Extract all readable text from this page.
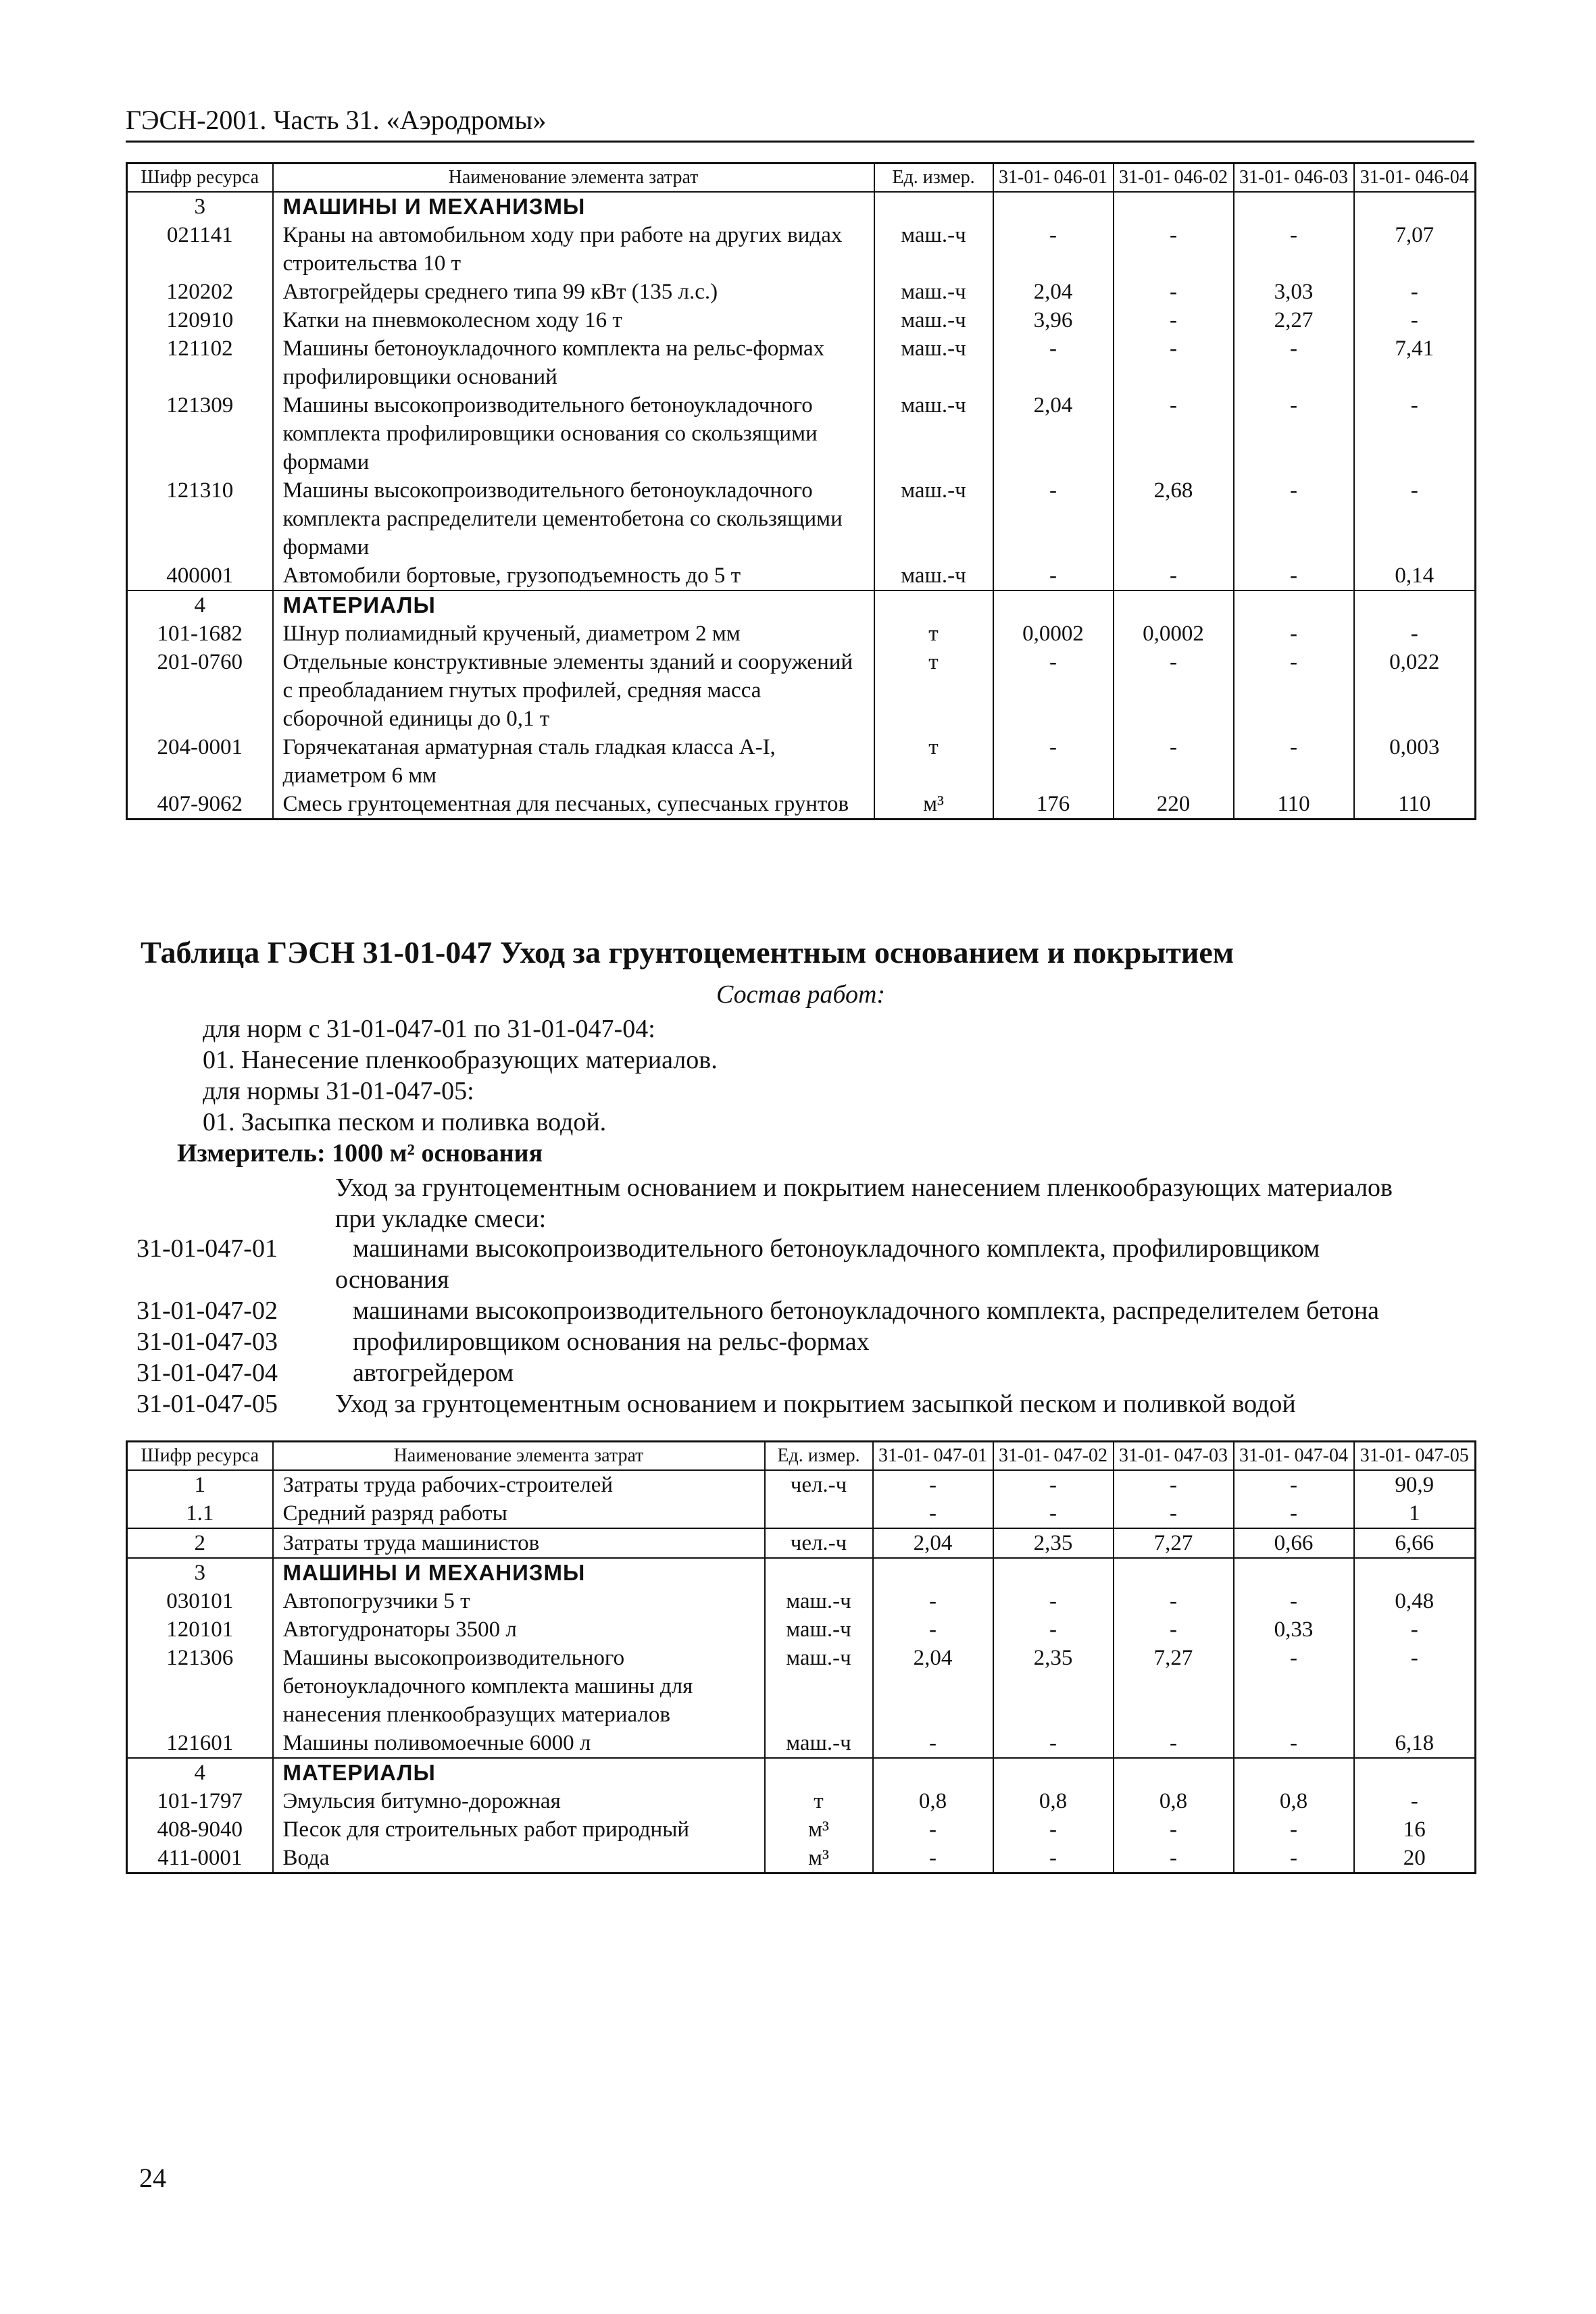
ГЭСН-2001. Часть 31. «Аэродромы»
Шифр ресурса	Наименование элемента затрат	Ед. измер.	31-01- 046-01	31-01- 046-02	31-01- 046-03	31-01- 046-04
3	МАШИНЫ И МЕХАНИЗМЫ					
021141	Краны на автомобильном ходу при работе на других видах строительства 10 т	маш.-ч	-	-	-	7,07
120202	Автогрейдеры среднего типа 99 кВт (135 л.с.)	маш.-ч	2,04	-	3,03	-
120910	Катки на пневмоколесном ходу 16 т	маш.-ч	3,96	-	2,27	-
121102	Машины бетоноукладочного комплекта на рельс-формах профилировщики оснований	маш.-ч	-	-	-	7,41
121309	Машины высокопроизводительного бетоноукладочного комплекта профилировщики основания со скользящими формами	маш.-ч	2,04	-	-	-
121310	Машины высокопроизводительного бетоноукладочного комплекта распределители цементобетона со скользящими формами	маш.-ч	-	2,68	-	-
400001	Автомобили бортовые, грузоподъемность до 5 т	маш.-ч	-	-	-	0,14
4	МАТЕРИАЛЫ					
101-1682	Шнур полиамидный крученый, диаметром 2 мм	т	0,0002	0,0002	-	-
201-0760	Отдельные конструктивные элементы зданий и сооружений с преобладанием гнутых профилей, средняя масса сборочной единицы до 0,1 т	т	-	-	-	0,022
204-0001	Горячекатаная арматурная сталь гладкая класса А-I, диаметром 6 мм	т	-	-	-	0,003
407-9062	Смесь грунтоцементная для песчаных, супесчаных грунтов	м³	176	220	110	110
Таблица ГЭСН 31-01-047 Уход за грунтоцементным основанием и покрытием
Состав работ:
для норм с 31-01-047-01 по 31-01-047-04:
01. Нанесение пленкообразующих материалов.
для нормы 31-01-047-05:
01. Засыпка песком и поливка водой.
Измеритель: 1000 м² основания
Уход за грунтоцементным основанием и покрытием нанесением пленкообразующих материалов при укладке смеси:
31-01-047-01	машинами высокопроизводительного бетоноукладочного комплекта, профилировщиком
основания
31-01-047-02	машинами высокопроизводительного бетоноукладочного комплекта, распределителем бетона
31-01-047-03	профилировщиком основания на рельс-формах
31-01-047-04	автогрейдером
31-01-047-05	Уход за грунтоцементным основанием и покрытием засыпкой песком и поливкой водой
Шифр ресурса	Наименование элемента затрат	Ед. измер.	31-01- 047-01	31-01- 047-02	31-01- 047-03	31-01- 047-04	31-01- 047-05
1	Затраты труда рабочих-строителей	чел.-ч	-	-	-	-	90,9
1.1	Средний разряд работы		-	-	-	-	1
2	Затраты труда машинистов	чел.-ч	2,04	2,35	7,27	0,66	6,66
3	МАШИНЫ И МЕХАНИЗМЫ						
030101	Автопогрузчики 5 т	маш.-ч	-	-	-	-	0,48
120101	Автогудронаторы 3500 л	маш.-ч	-	-	-	0,33	-
121306	Машины высокопроизводительного бетоноукладочного комплекта машины для нанесения пленкообразущих материалов	маш.-ч	2,04	2,35	7,27	-	-
121601	Машины поливомоечные 6000 л	маш.-ч	-	-	-	-	6,18
4	МАТЕРИАЛЫ						
101-1797	Эмульсия битумно-дорожная	т	0,8	0,8	0,8	0,8	-
408-9040	Песок для строительных работ природный	м³	-	-	-	-	16
411-0001	Вода	м³	-	-	-	-	20
24
